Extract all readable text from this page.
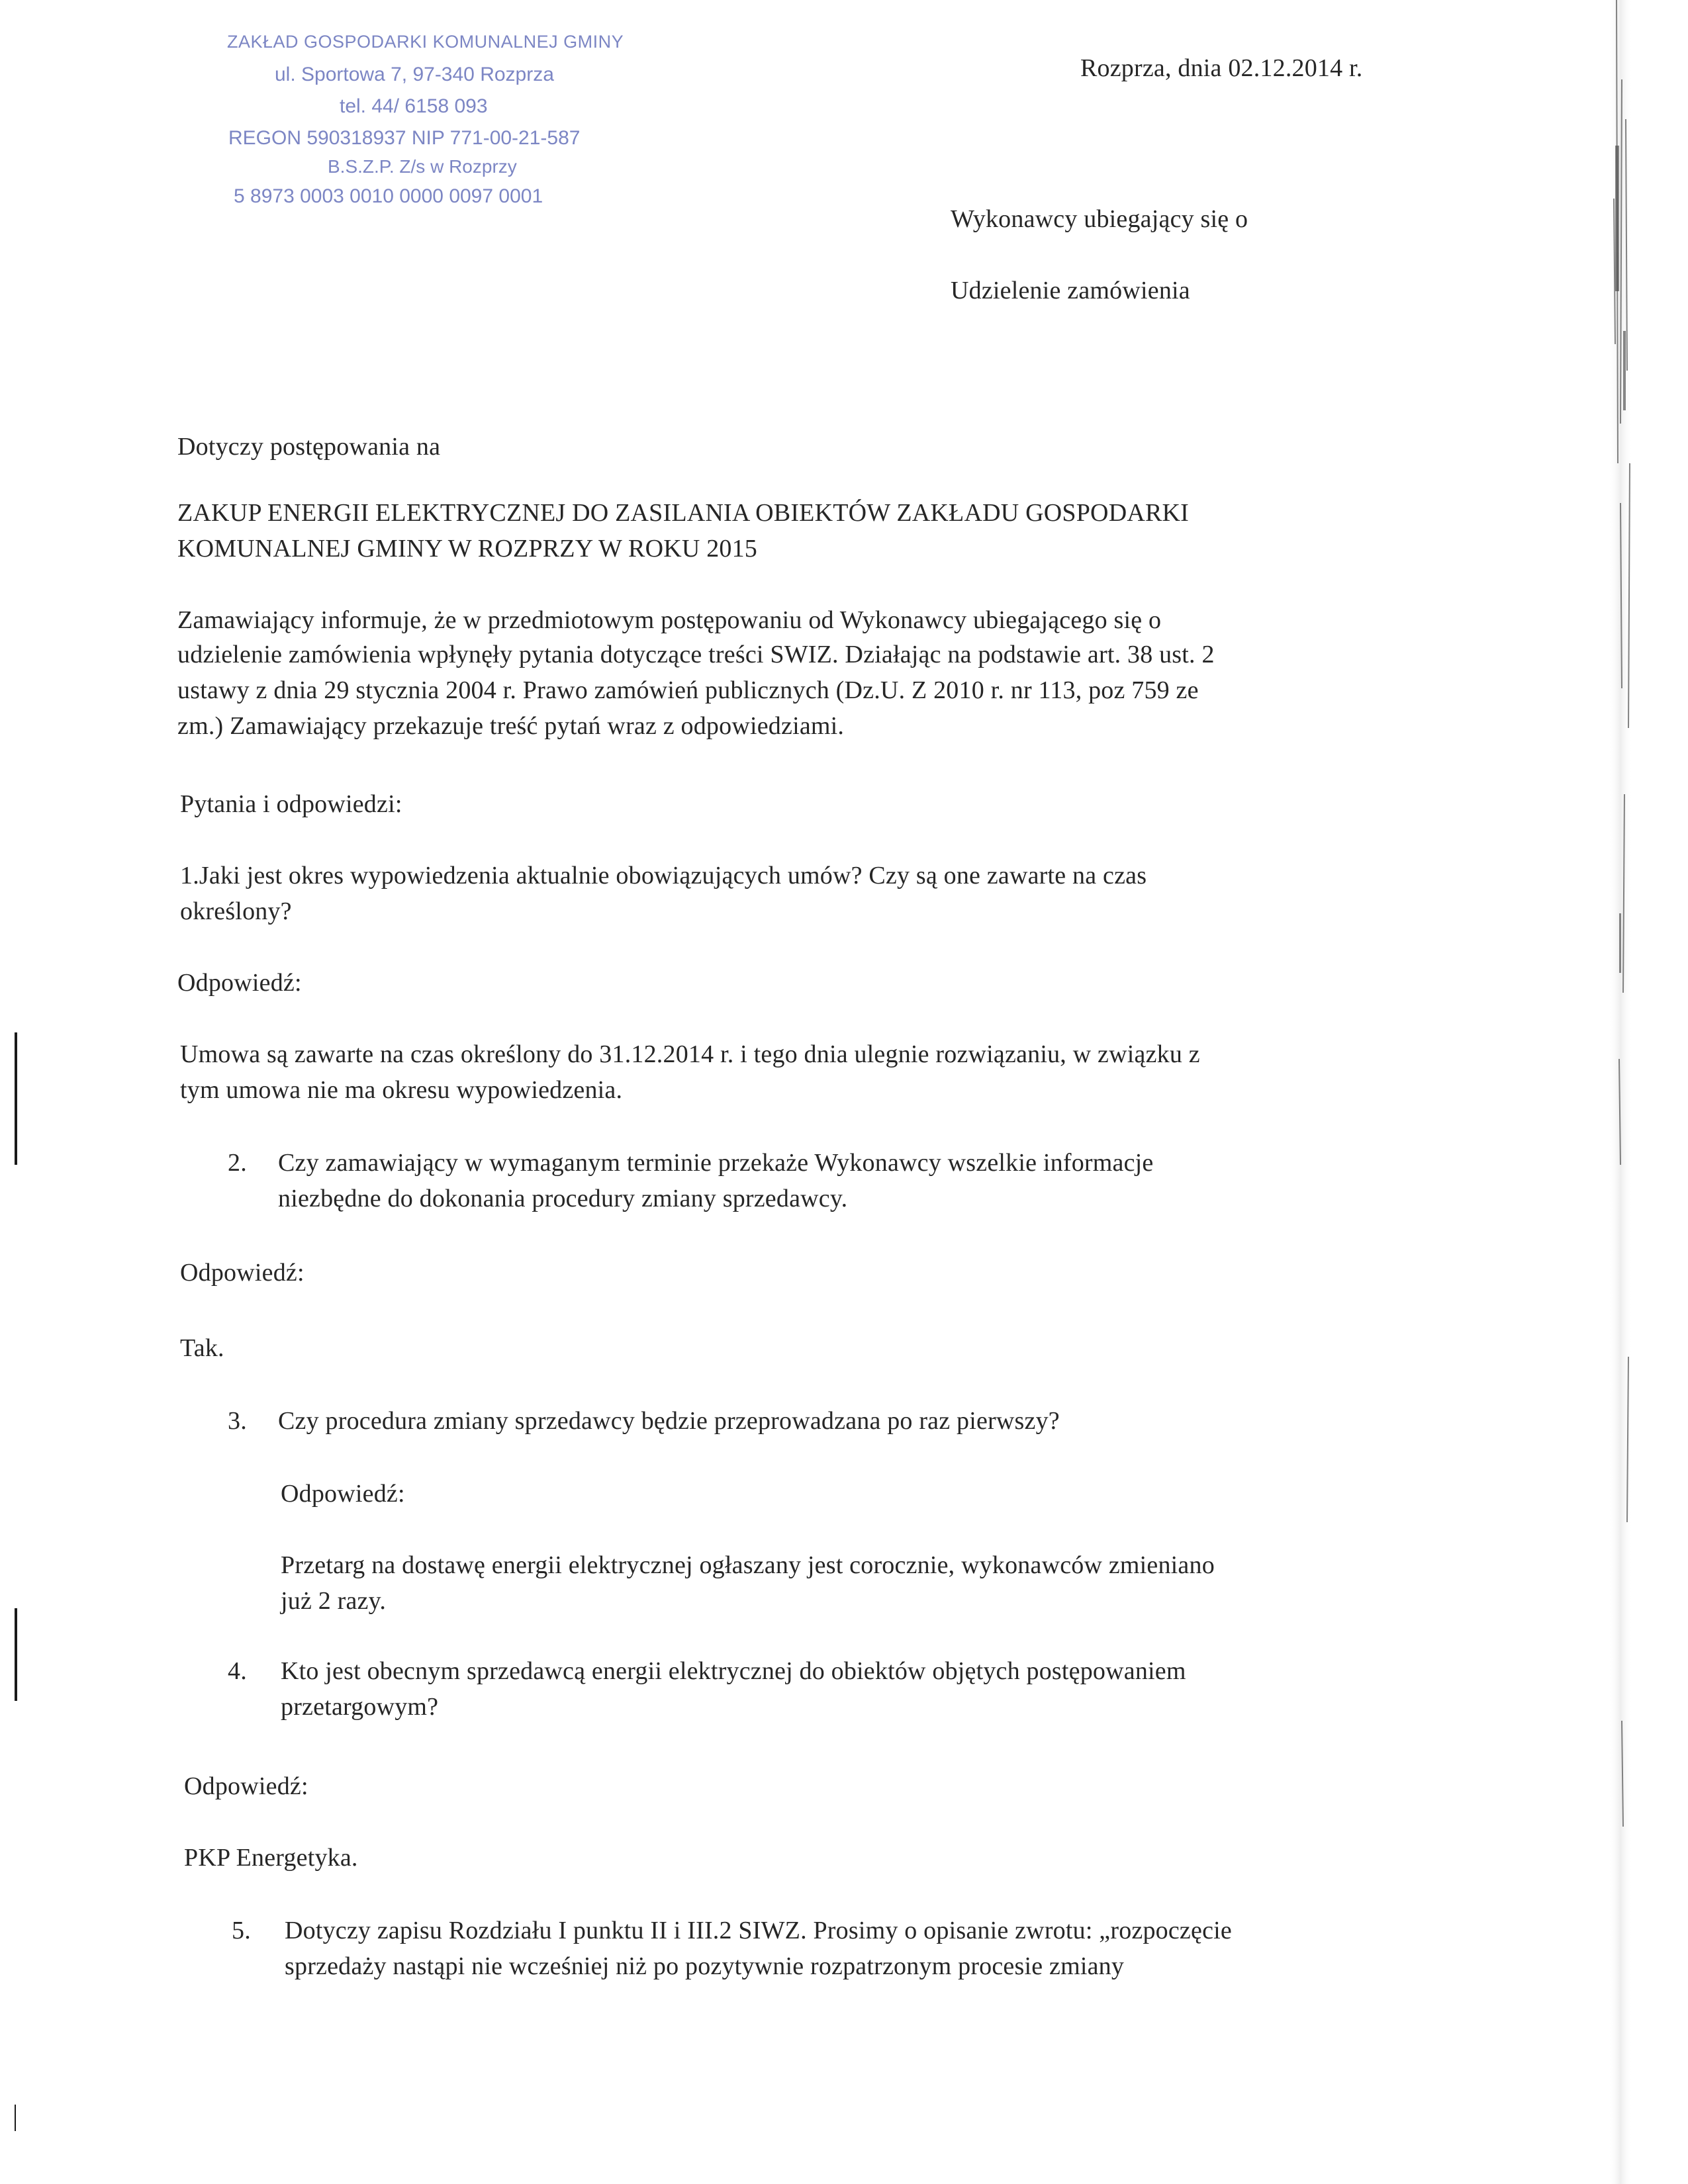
ZAKŁAD GOSPODARKI KOMUNALNEJ GMINY
ul. Sportowa 7, 97-340 Rozprza
tel. 44/ 6158 093
REGON 590318937 NIP 771-00-21-587
B.S.Z.P. Z/s w Rozprzy
5 8973 0003 0010 0000 0097 0001
Rozprza, dnia 02.12.2014 r.
Wykonawcy ubiegający się o
Udzielenie zamówienia
Dotyczy postępowania na
ZAKUP ENERGII ELEKTRYCZNEJ DO ZASILANIA OBIEKTÓW ZAKŁADU GOSPODARKI
KOMUNALNEJ GMINY W ROZPRZY W ROKU 2015
Zamawiający informuje, że w przedmiotowym postępowaniu od Wykonawcy ubiegającego się o
udzielenie zamówienia wpłynęły pytania dotyczące treści SWIZ. Działając na podstawie art. 38 ust. 2
ustawy z dnia 29 stycznia 2004 r. Prawo zamówień publicznych (Dz.U. Z 2010 r. nr 113, poz 759 ze
zm.) Zamawiający przekazuje treść pytań wraz z odpowiedziami.
Pytania i odpowiedzi:
1.Jaki jest okres wypowiedzenia aktualnie obowiązujących umów? Czy są one zawarte na czas
określony?
Odpowiedź:
Umowa są zawarte na czas określony do 31.12.2014 r. i tego dnia ulegnie rozwiązaniu, w związku z
tym umowa nie ma okresu wypowiedzenia.
2. Czy zamawiający w wymaganym terminie przekaże Wykonawcy wszelkie informacje
niezbędne do dokonania procedury zmiany sprzedawcy.
Odpowiedź:
Tak.
3. Czy procedura zmiany sprzedawcy będzie przeprowadzana po raz pierwszy?
Odpowiedź:
Przetarg na dostawę energii elektrycznej ogłaszany jest corocznie, wykonawców zmieniano
już 2 razy.
4. Kto jest obecnym sprzedawcą energii elektrycznej do obiektów objętych postępowaniem
przetargowym?
Odpowiedź:
PKP Energetyka.
5. Dotyczy zapisu Rozdziału I punktu II i III.2 SIWZ. Prosimy o opisanie zwrotu: „rozpoczęcie
sprzedaży nastąpi nie wcześniej niż po pozytywnie rozpatrzonym procesie zmiany
